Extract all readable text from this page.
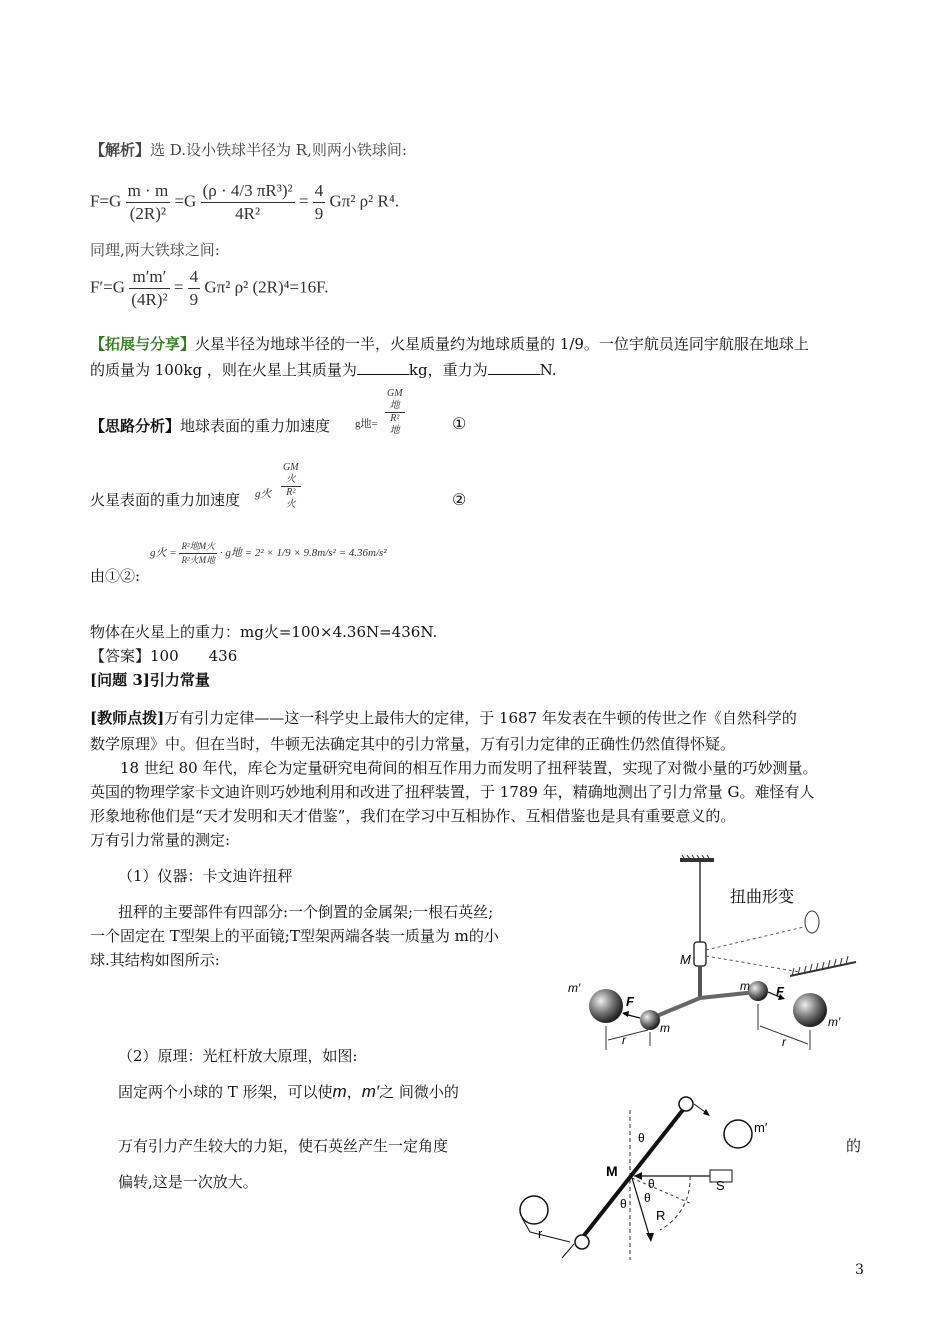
【解析】选 D.设小铁球半径为 R,则两小铁球间:
$F=G \frac{m \cdot m}{\text{(2R)²}} =G \frac{\text{(ρ · 4/3 πR³)²}}{\text{4R²}} = \frac{4}{9} G\pi^2$ ρ² R⁴.
同理,两大铁球之间:
$F'=G \frac{m'm'}{\text{(4R)²}} = \frac{4}{9} G\pi^2$ ρ² (2R)⁴=16F.
【拓展与分享】火星半径为地球半径的一半，火星质量约为地球质量的 1/9。一位宇航员连同宇航服在地球上
的质量为 100kg ，则在火星上其质量为	kg，重力为	N.
【思路分析】地球表面的重力加速度 g地=
GM地
R²地	①
火星表面的重力加速度 g火
GM火
R²火	②
g火 = $\frac{\text{R²地M火}}{\text{R²火M地}} \cdot g$地 = 2² × 1/9 × 9.8m/s² = 4.36m/s²
由①②:
物体在火星上的重力：mg火=100×4.36N=436N.
【答案】100　　436
[问题 3]引力常量
[教师点拨]万有引力定律——这一科学史上最伟大的定律，于 1687 年发表在牛顿的传世之作《自然科学的
数学原理》中。但在当时，牛顿无法确定其中的引力常量，万有引力定律的正确性仍然值得怀疑。
　　18 世纪 80 年代，库仑为定量研究电荷间的相互作用力而发明了扭秤装置，实现了对微小量的巧妙测量。
英国的物理学家卡文迪许则巧妙地利用和改进了扭秤装置，于 1789 年，精确地测出了引力常量 G。难怪有人
形象地称他们是“天才发明和天才借鉴”，我们在学习中互相协作、互相借鉴也是具有重要意义的。
万有引力常量的测定:
（1）仪器：卡文迪许扭秤
扭秤的主要部件有四部分:一个倒置的金属架;一根石英丝;
一个固定在 T型架上的平面镜;T型架两端各装一质量为 m的小
球.其结构如图所示:
（2）原理：光杠杆放大原理，如图:
固定两个小球的 T 形架，可以使m，m′之 间微小的
万有引力产生较大的力矩，使石英丝产生一定角度	的
偏转,这是一次放大。
扭曲形变
M
m′
F
m
m F
m′
r	r
θ
M
θ
θ
θ
R
S
r
m′
3
